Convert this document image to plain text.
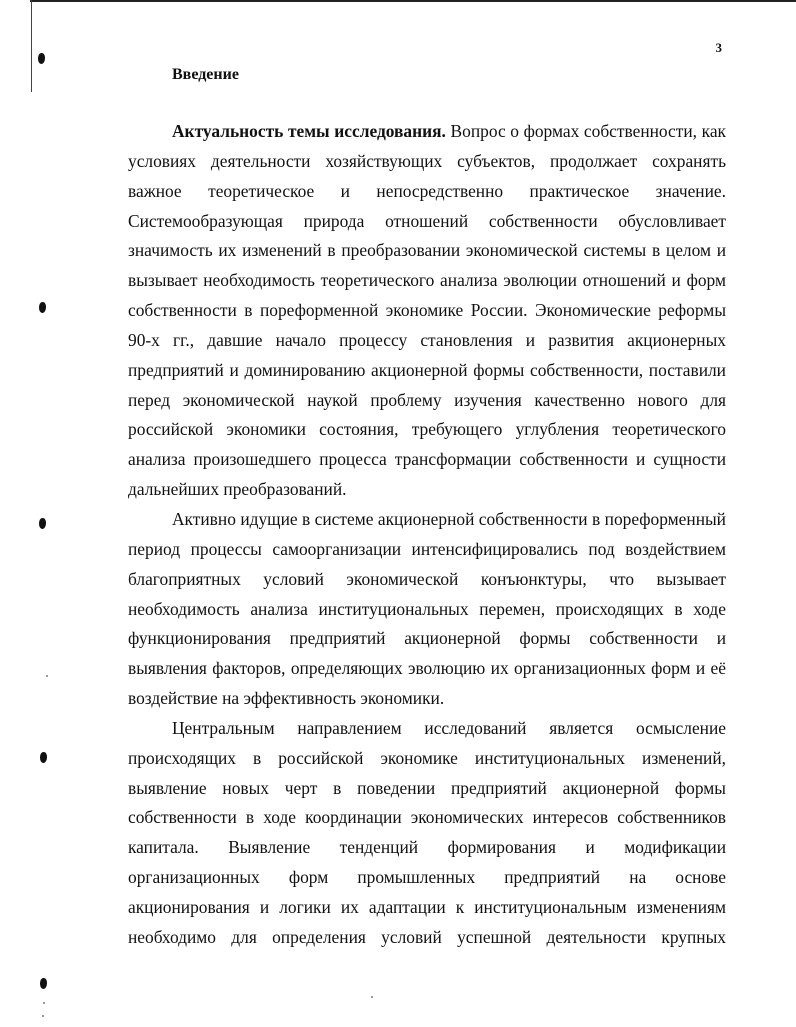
3
Введение

Актуальность темы исследования. Вопрос о формах собственности, как условиях деятельности хозяйствующих субъектов, продолжает сохранять важное теоретическое и непосредственно практическое значение. Системообразующая природа отношений собственности обусловливает значимость их изменений в преобразовании экономической системы в целом и вызывает необходимость теоретического анализа эволюции отношений и форм собственности в пореформенной экономике России. Экономические реформы 90-х гг., давшие начало процессу становления и развития акционерных предприятий и доминированию акционерной формы собственности, поставили перед экономической наукой проблему изучения качественно нового для российской экономики состояния, требующего углубления теоретического анализа произошедшего процесса трансформации собственности и сущности дальнейших преобразований.

Активно идущие в системе акционерной собственности в пореформенный период процессы самоорганизации интенсифицировались под воздействием благоприятных условий экономической конъюнктуры, что вызывает необходимость анализа институциональных перемен, происходящих в ходе функционирования предприятий акционерной формы собственности и выявления факторов, определяющих эволюцию их организационных форм и её воздействие на эффективность экономики.

Центральным направлением исследований является осмысление происходящих в российской экономике институциональных изменений, выявление новых черт в поведении предприятий акционерной формы собственности в ходе координации экономических интересов собственников капитала. Выявление тенденций формирования и модификации организационных форм промышленных предприятий на основе акционирования и логики их адаптации к институциональным изменениям необходимо для определения условий успешной деятельности крупных
